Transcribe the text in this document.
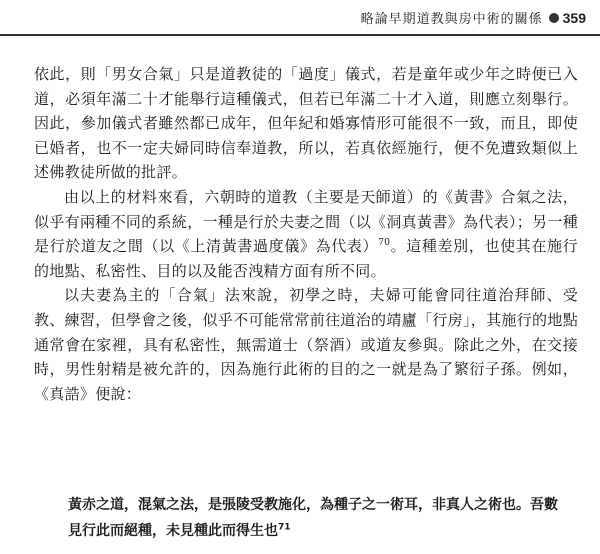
略論早期道教與房中術的關係 359

依此，則「男女合氣」只是道教徒的「過度」儀式，若是童年或少年之時便已入道，必須年滿二十才能舉行這種儀式，但若已年滿二十才入道，則應立刻舉行。因此，參加儀式者雖然都已成年，但年紀和婚寡情形可能很不一致，而且，即使已婚者，也不一定夫婦同時信奉道教，所以，若真依經施行，便不免遭致類似上述佛教徒所做的批評。

由以上的材料來看，六朝時的道教（主要是天師道）的《黃書》合氣之法，似乎有兩種不同的系統，一種是行於夫妻之間（以《洞真黃書》為代表）；另一種是行於道友之間（以《上清黃書過度儀》為代表）$^{70}$。這種差別，也使其在施行的地點、私密性、目的以及能否洩精方面有所不同。

以夫妻為主的「合氣」法來說，初學之時，夫婦可能會同往道治拜師、受教、練習，但學會之後，似乎不可能常常前往道治的靖廬「行房」，其施行的地點通常會在家裡，具有私密性，無需道士（祭酒）或道友參與。除此之外，在交接時，男性射精是被允許的，因為施行此術的目的之一就是為了繁衍子孫。例如，《真誥》便說：

黃赤之道，混氣之法，是張陵受教施化，為種子之一術耳，非真人之術也。吾數見行此而絕種，未見種此而得生也$^{71}$
